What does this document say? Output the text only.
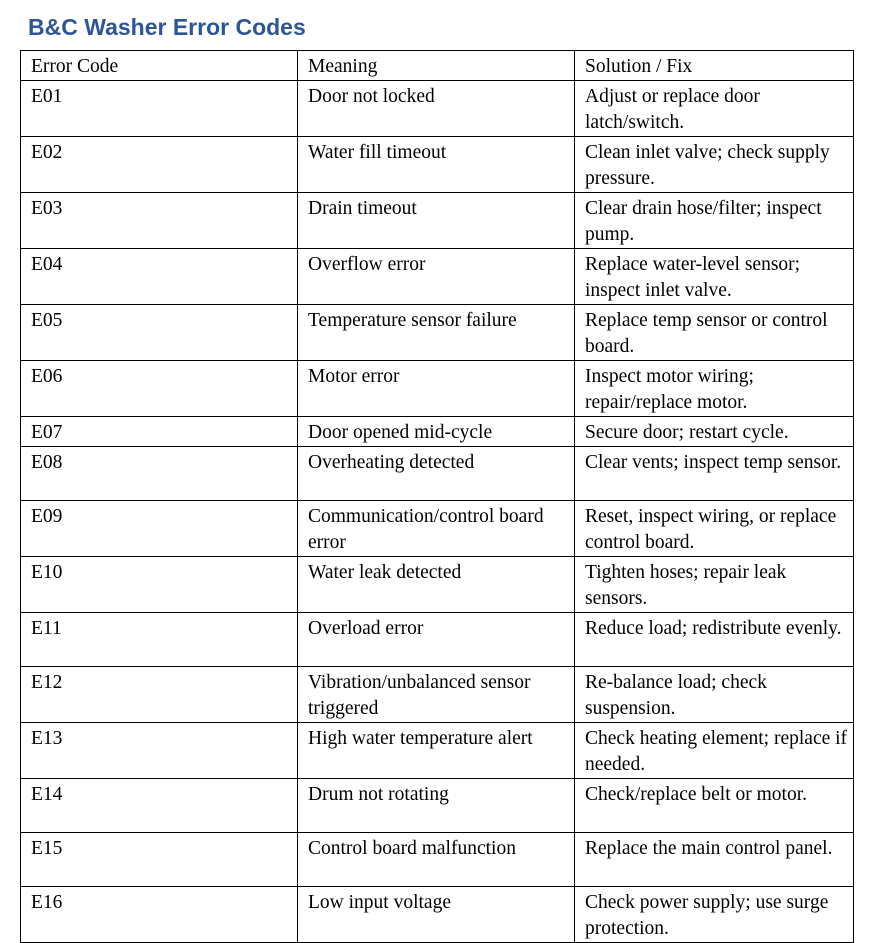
B&C Washer Error Codes
Error Code	Meaning	Solution / Fix
E01	Door not locked	Adjust or replace door latch/switch.
E02	Water fill timeout	Clean inlet valve; check supply pressure.
E03	Drain timeout	Clear drain hose/filter; inspect pump.
E04	Overflow error	Replace water-level sensor; inspect inlet valve.
E05	Temperature sensor failure	Replace temp sensor or control board.
E06	Motor error	Inspect motor wiring; repair/replace motor.
E07	Door opened mid-cycle	Secure door; restart cycle.
E08	Overheating detected	Clear vents; inspect temp sensor.
E09	Communication/control board error	Reset, inspect wiring, or replace control board.
E10	Water leak detected	Tighten hoses; repair leak sensors.
E11	Overload error	Reduce load; redistribute evenly.
E12	Vibration/unbalanced sensor triggered	Re-balance load; check suspension.
E13	High water temperature alert	Check heating element; replace if needed.
E14	Drum not rotating	Check/replace belt or motor.
E15	Control board malfunction	Replace the main control panel.
E16	Low input voltage	Check power supply; use surge protection.
